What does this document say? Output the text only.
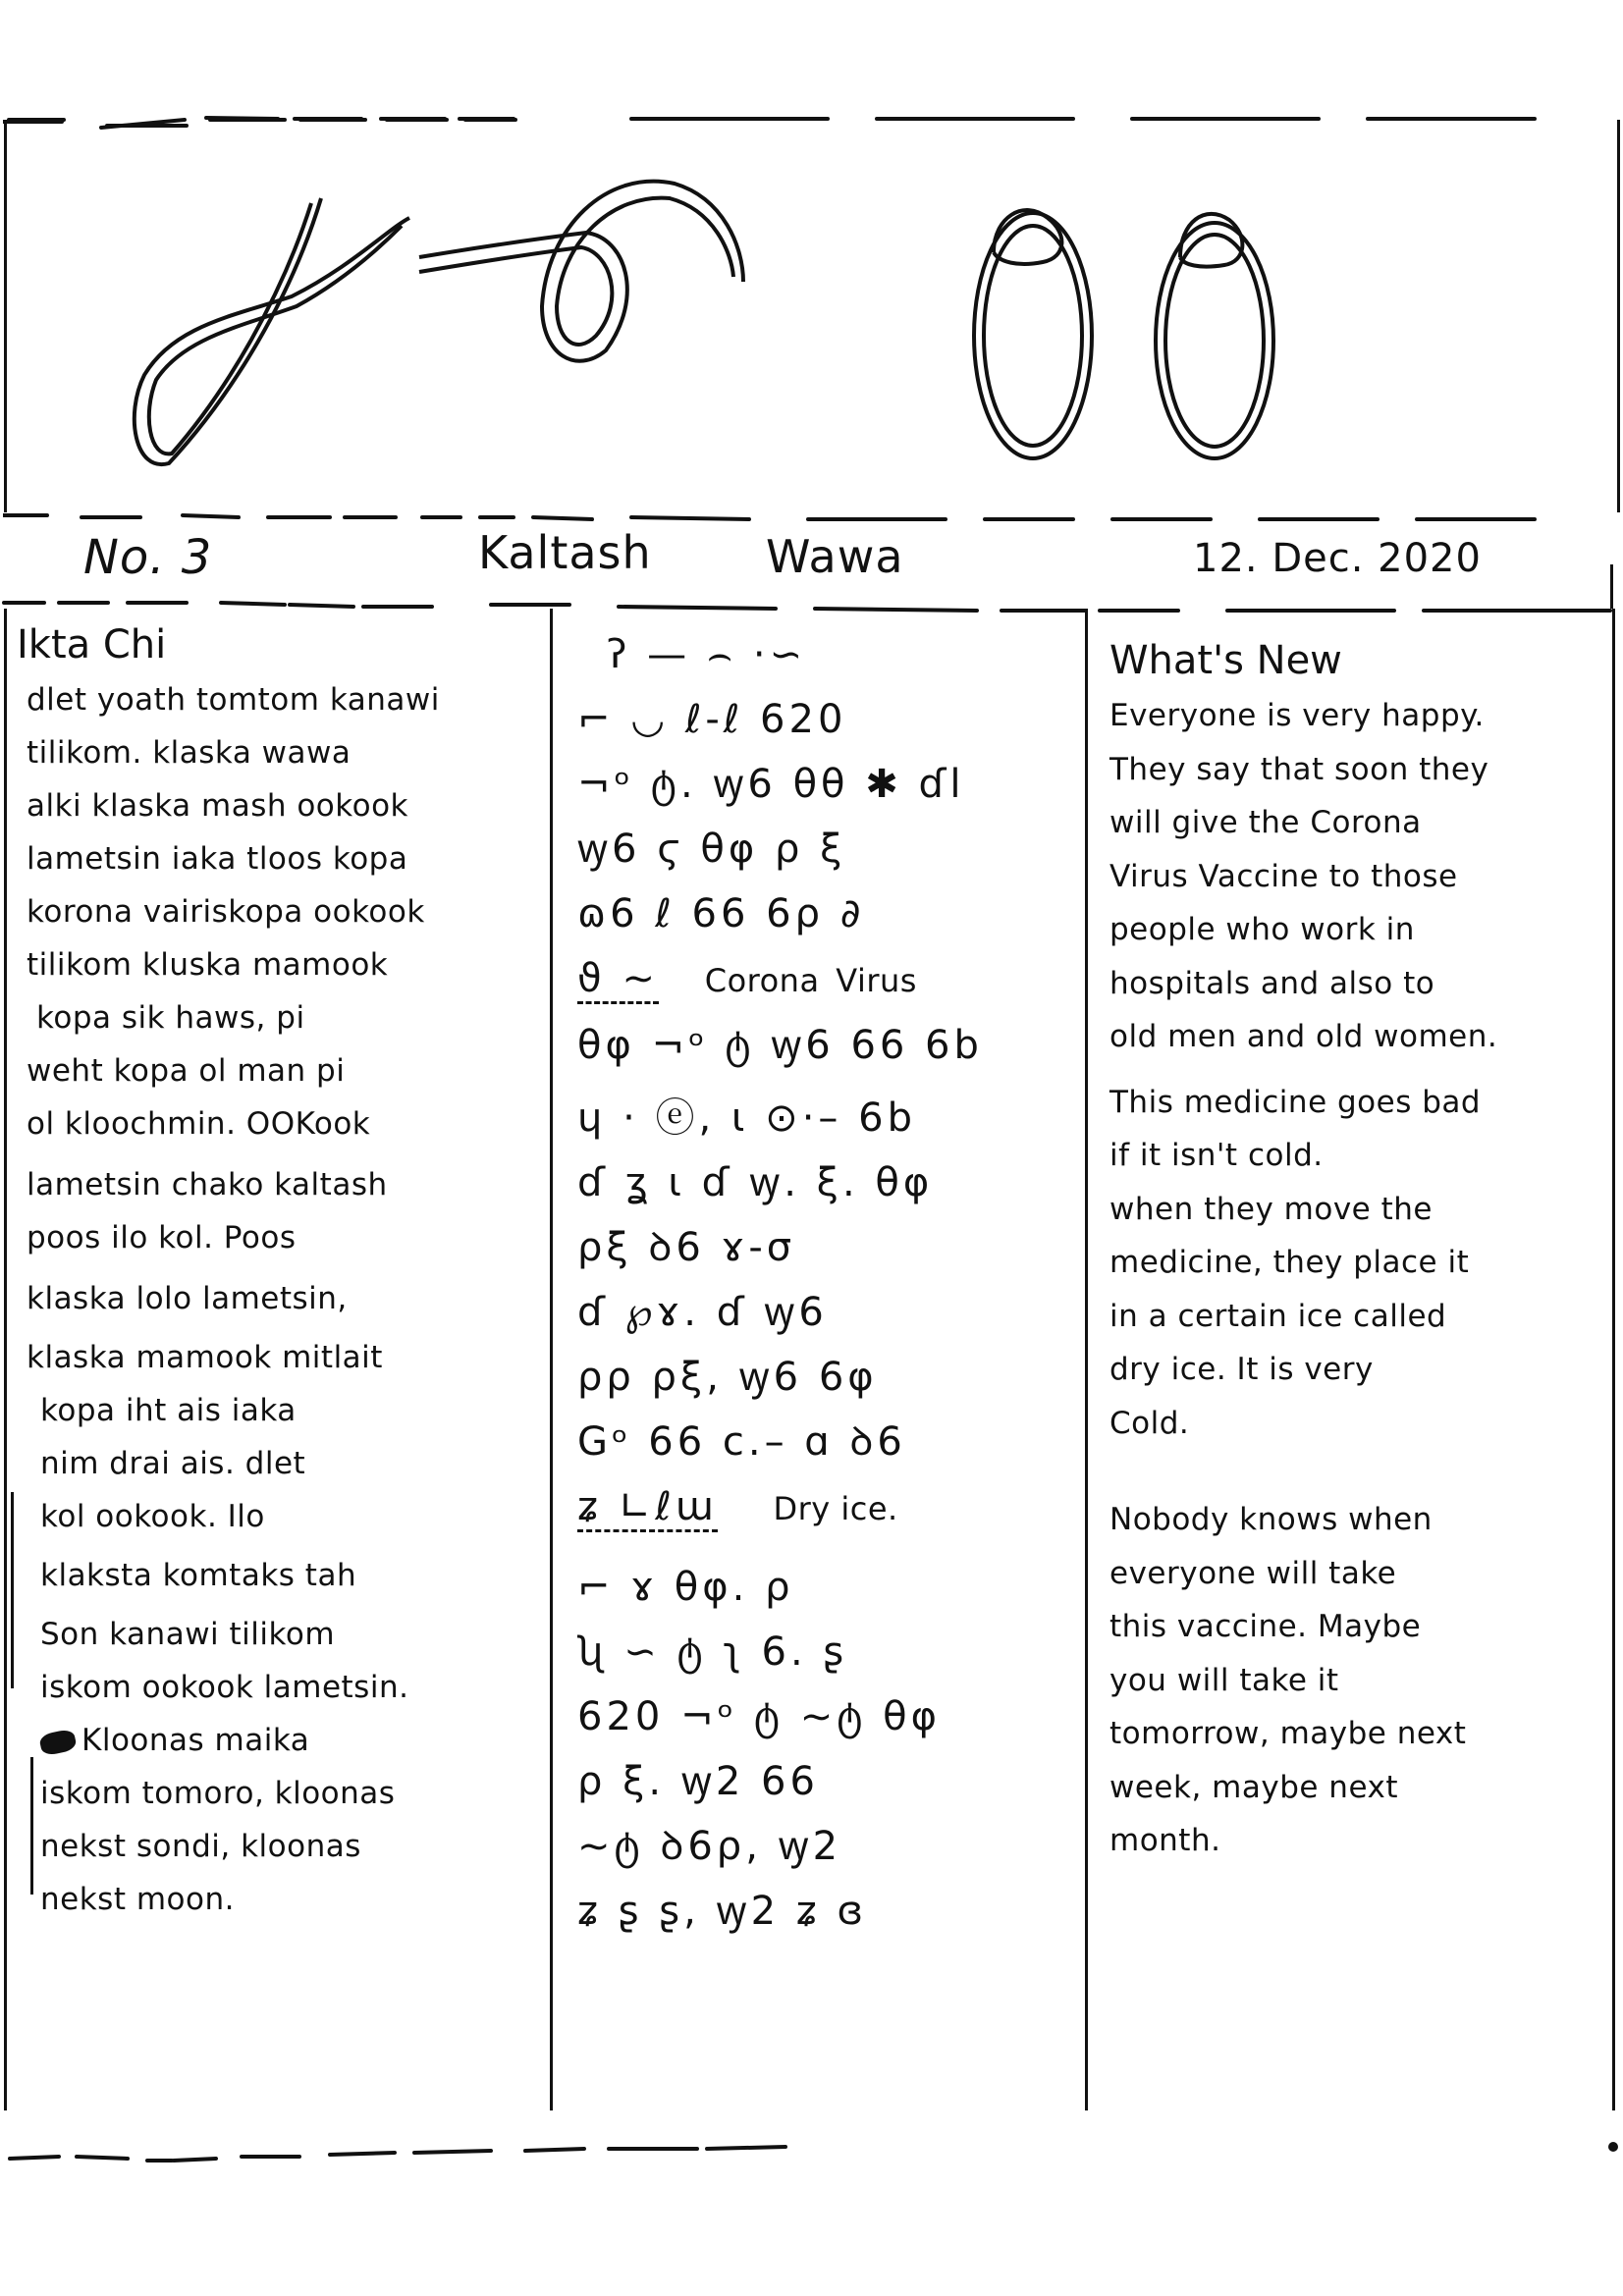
No. 3	Kaltash	Wawa	12. Dec. 2020
Ikta Chi
dlet yoath tomtom kanawi
tilikom. klaska wawa
alki klaska mash ookook
lametsin iaka tloos kopa
korona vairiskopa ookook
tilikom kluska mamook
kopa sik haws, pi
weht kopa ol man pi
ol kloochmin. OOKook
lametsin chako kaltash
poos ilo kol. Poos
klaska lolo lametsin,
klaska mamook mitlait
kopa iht ais iaka
nim drai ais. dlet
kol ookook. Ilo
klaksta komtaks tah
Son kanawi tilikom
iskom ookook lametsin.
Kloonas maika
iskom tomoro, kloonas
nekst sondi, kloonas
nekst moon.
ʔ — ⌢ ·∽
⌐ ◡ ℓ-ℓ 620
¬ᵒ ტ. ꝡ6 θθ ✱ ɗl
ꝡ6 ϛ θφ ρ ξ
ɷ6 ℓ 66 6ρ ∂
ϑ ∼ Corona Virus
θφ ¬ᵒ ტ ꝡ6 66 6b
ɥ · ⓔ, ι ⊙·– 6b
ɗ ʓ ι ɗ ꝡ. ξ. θφ
ρξ ꝺ6 ɤ-σ
ɗ ℘ɤ. ɗ ꝡ6
ρρ ρξ, ꝡ6 6φ
Gᵒ 66 c.– ɑ ꝺ6
ʑ ∟ℓɯ Dry ice.
⌐ ɤ θφ. ρ
ʯ ∽ ტ ʅ 6. ʂ
620 ¬ᵒ ტ ∼ტ θφ
ρ ξ. ꝡ2 66
∼ტ ꝺ6ρ, ꝡ2
ʑ ʂ ʂ, ꝡ2 ʑ ɞ
What's New
Everyone is very happy.
They say that soon they
will give the Corona
Virus Vaccine to those
people who work in
hospitals and also to
old men and old women.
This medicine goes bad
if it isn't cold.
when they move the
medicine, they place it
in a certain ice called
dry ice. It is very
Cold.
Nobody knows when
everyone will take
this vaccine. Maybe
you will take it
tomorrow, maybe next
week, maybe next
month.
